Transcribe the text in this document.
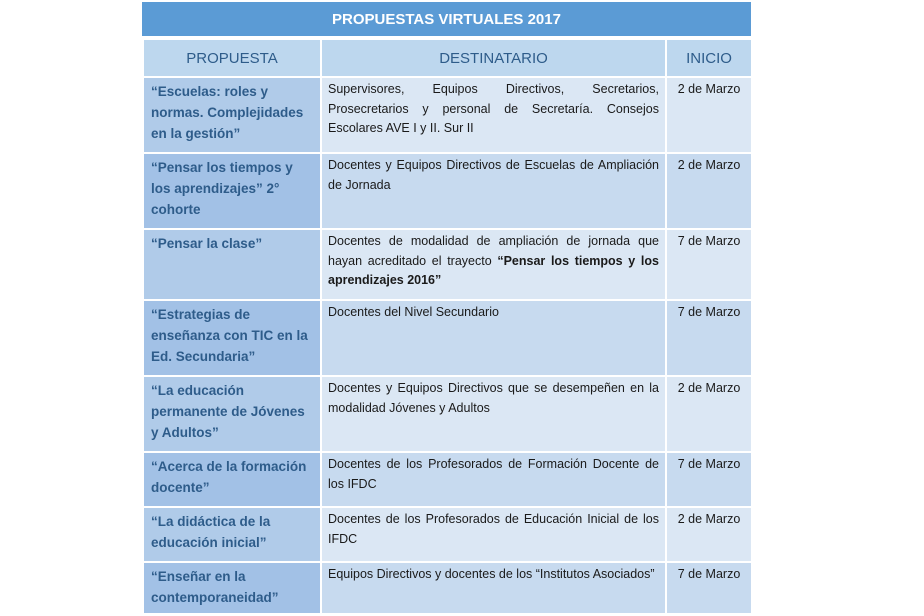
PROPUESTAS VIRTUALES 2017
PROPUESTA	DESTINATARIO	INICIO
“Escuelas: roles y normas. Complejidades en la gestión”	Supervisores, Equipos Directivos, Secretarios, Prosecretarios y personal de Secretaría. Consejos Escolares AVE I y II. Sur II	2 de Marzo
“Pensar los tiempos y los aprendizajes” 2° cohorte	Docentes y Equipos Directivos de Escuelas de Ampliación de Jornada	2 de Marzo
“Pensar la clase”	Docentes de modalidad de ampliación de jornada que hayan acreditado el trayecto “Pensar los tiempos y los aprendizajes 2016”	7 de Marzo
“Estrategias de enseñanza con TIC en la Ed. Secundaria”	Docentes del Nivel Secundario	7 de Marzo
“La educación permanente de Jóvenes y Adultos”	Docentes y Equipos Directivos que se desempeñen en la modalidad Jóvenes y Adultos	2 de Marzo
“Acerca de la formación docente”	Docentes de los Profesorados de Formación Docente de los IFDC	7 de Marzo
“La didáctica de la educación inicial”	Docentes de los Profesorados de Educación Inicial de los IFDC	2 de Marzo
“Enseñar en la contemporaneidad”	Equipos Directivos y docentes de los “Institutos Asociados”	7 de Marzo
